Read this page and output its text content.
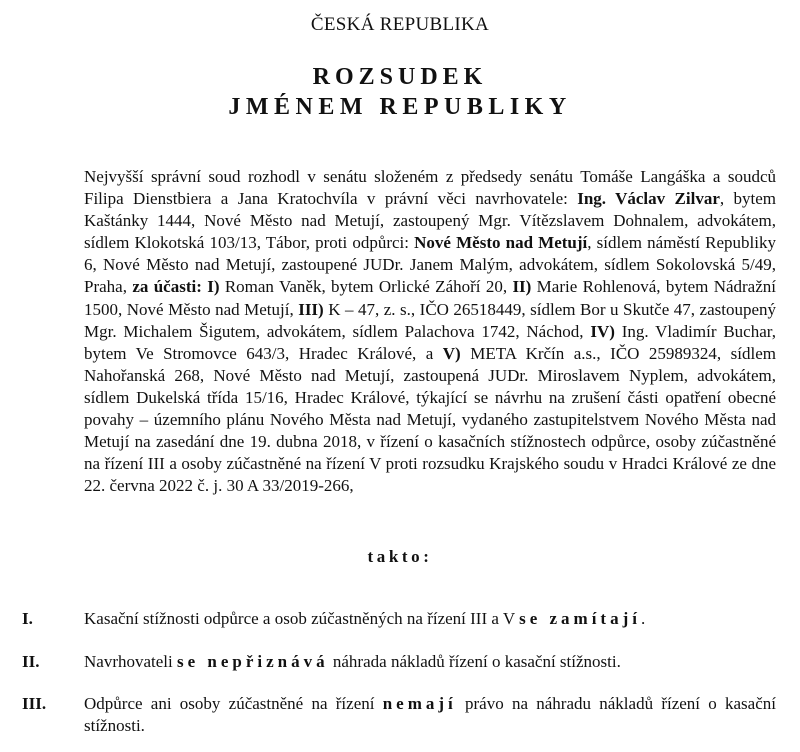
ČESKÁ REPUBLIKA
ROZSUDEK
JMÉNEM REPUBLIKY
Nejvyšší správní soud rozhodl v senátu složeném z předsedy senátu Tomáše Langáška a soudců Filipa Dienstbiera a Jana Kratochvíla v právní věci navrhovatele: Ing. Václav Zilvar, bytem Kaštánky 1444, Nové Město nad Metují, zastoupený Mgr. Vítězslavem Dohnalem, advokátem, sídlem Klokotská 103/13, Tábor, proti odpůrci: Nové Město nad Metují, sídlem náměstí Republiky 6, Nové Město nad Metují, zastoupené JUDr. Janem Malým, advokátem, sídlem Sokolovská 5/49, Praha, za účasti: I) Roman Vaněk, bytem Orlické Záhoří 20, II) Marie Rohlenová, bytem Nádražní 1500, Nové Město nad Metují, III) K – 47, z. s., IČO 26518449, sídlem Bor u Skutče 47, zastoupený Mgr. Michalem Šigutem, advokátem, sídlem Palachova 1742, Náchod, IV) Ing. Vladimír Buchar, bytem Ve Stromovce 643/3, Hradec Králové, a V) META Krčín a.s., IČO 25989324, sídlem Nahořanská 268, Nové Město nad Metují, zastoupená JUDr. Miroslavem Nyplem, advokátem, sídlem Dukelská třída 15/16, Hradec Králové, týkající se návrhu na zrušení části opatření obecné povahy – územního plánu Nového Města nad Metují, vydaného zastupitelstvem Nového Města nad Metují na zasedání dne 19. dubna 2018, v řízení o kasačních stížnostech odpůrce, osoby zúčastněné na řízení III a osoby zúčastněné na řízení V proti rozsudku Krajského soudu v Hradci Králové ze dne 22. června 2022 č. j. 30 A 33/2019-266,
takto:
I.	Kasační stížnosti odpůrce a osob zúčastněných na řízení III a V se zamítají.
II.	Navrhovateli se nepřiznává náhrada nákladů řízení o kasační stížnosti.
III. Odpůrce ani osoby zúčastněné na řízení nemají právo na náhradu nákladů řízení o kasační stížnosti.
